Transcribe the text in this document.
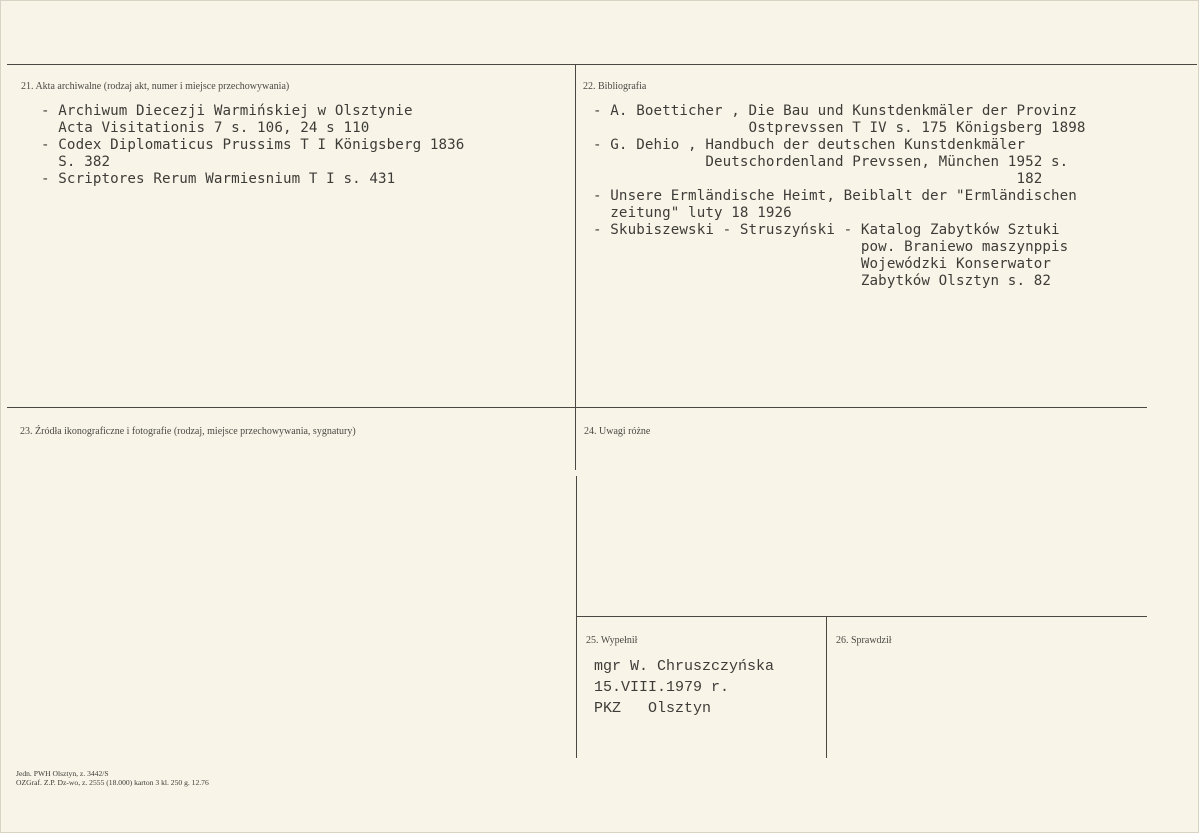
21. Akta archiwalne (rodzaj akt, numer i miejsce przechowywania)
- Archiwum Diecezji Warmińskiej w Olsztynie
Acta Visitationis 7 s. 106, 24 s 110
- Codex Diplomaticus Prussims T I Königsberg 1836
S. 382
- Scriptores Rerum Warmiesnium T I s. 431
22. Bibliografia
- A. Boetticher , Die Bau und Kunstdenkmäler der Provinz
Ostprevssen T IV s. 175 Königsberg 1898
- G. Dehio , Handbuch der deutschen Kunstdenkmäler
Deutschordenland Prevssen, München 1952 s.
182
- Unsere Ermländische Heimt, Beiblalt der "Ermländischen
zeitung" luty 18 1926
- Skubiszewski - Struszyński - Katalog Zabytków Sztuki
pow. Braniewo maszynppis
Wojewódzki Konserwator
Zabytków Olsztyn s. 82
23. Źródła ikonograficzne i fotografie (rodzaj, miejsce przechowywania, sygnatury)	24. Uwagi różne
25. Wypełnił
mgr W. Chruszczyńska
15.VIII.1979 r.
PKZ   Olsztyn
26. Sprawdził
Jedn. PWH Olsztyn, z. 3442/S
OZGraf. Z.P. Dz-wo, z. 2555 (18.000) karton 3 kl. 250 g. 12.76
